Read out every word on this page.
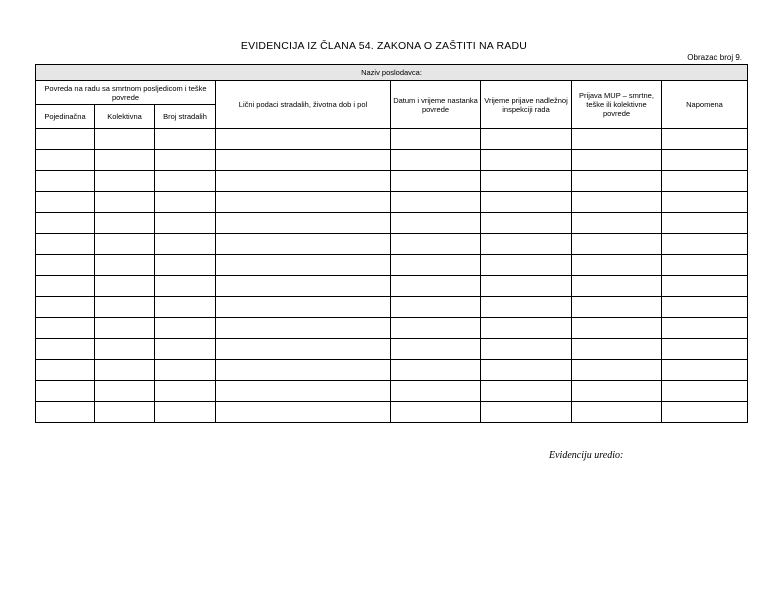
EVIDENCIJA IZ ČLANA 54. ZAKONA O ZAŠTITI NA RADU
Obrazac broj 9.
Naziv poslodavca:							
Povreda na radu sa smrtnom posljedicom i teške povrede			Lični podaci stradalih, životna dob i pol	Datum i vrijeme nastanka povrede	Vrijeme prijave nadležnoj inspekciji rada	Prijava MUP – smrtne, teške ili kolektivne povrede	Napomena
Pojedinačna	Kolektivna	Broj stradalih					

Evidenciju uredio:
